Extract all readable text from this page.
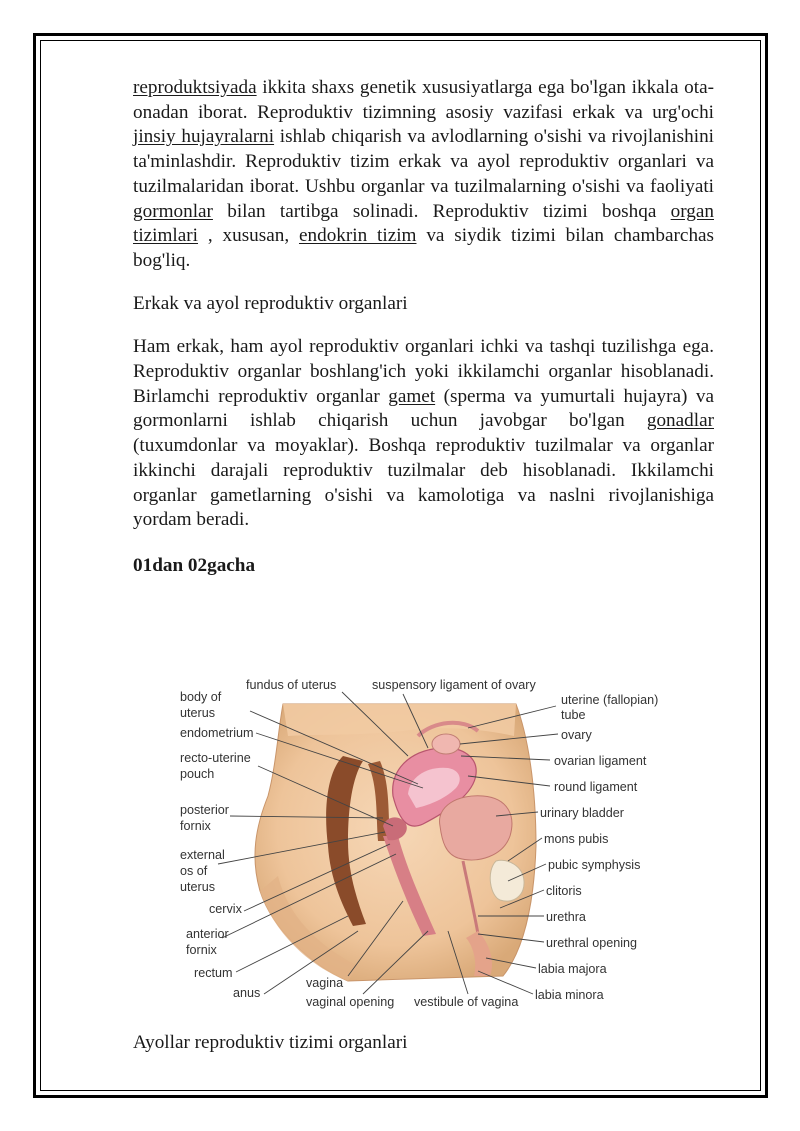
reproduktsiyada ikkita shaxs genetik xususiyatlarga ega bo'lgan ikkala ota-onadan iborat. Reproduktiv tizimning asosiy vazifasi erkak va urg'ochi jinsiy hujayralarni ishlab chiqarish va avlodlarning o'sishi va rivojlanishini ta'minlashdir. Reproduktiv tizim erkak va ayol reproduktiv organlari va tuzilmalaridan iborat. Ushbu organlar va tuzilmalarning o'sishi va faoliyati gormonlar bilan tartibga solinadi. Reproduktiv tizimi boshqa organ tizimlari , xususan, endokrin tizim va siydik tizimi bilan chambarchas bog'liq.

Erkak va ayol reproduktiv organlari

Ham erkak, ham ayol reproduktiv organlari ichki va tashqi tuzilishga ega. Reproduktiv organlar boshlang'ich yoki ikkilamchi organlar hisoblanadi. Birlamchi reproduktiv organlar gamet (sperma va yumurtali hujayra) va gormonlarni ishlab chiqarish uchun javobgar bo'lgan gonadlar (tuxumdonlar va moyaklar). Boshqa reproduktiv tuzilmalar va organlar ikkinchi darajali reproduktiv tuzilmalar deb hisoblanadi. Ikkilamchi organlar gametlarning o'sishi va kamolotiga va naslni rivojlanishiga yordam beradi.

01dan 02gacha

fundus of uterus	suspensory ligament of ovary
body of
uterus
endometrium
recto-uterine
pouch
posterior
fornix
external
os of
uterus
cervix
anterior
fornix
rectum
anus
vagina
vaginal opening vestibule of vagina
uterine (fallopian)
tube
ovary
ovarian ligament
round ligament
urinary bladder
mons pubis
pubic symphysis
clitoris
urethra
urethral opening
labia majora
labia minora

Ayollar reproduktiv tizimi organlari
